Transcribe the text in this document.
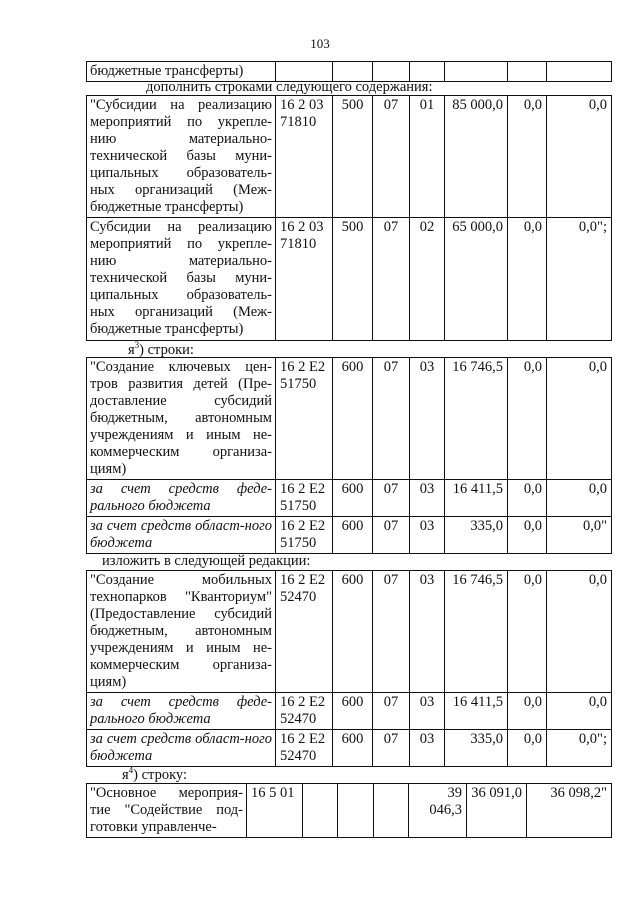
103
бюджетные трансферты)							
дополнить строками следующего содержания:
"Субсидии на реализацию мероприятий по укрепле-нию материально-технической базы муни-ципальных образователь-ных организаций (Меж-бюджетные трансферты)	16 2 03 71810	500	07	01	85 000,0	0,0	0,0
Субсидии на реализацию мероприятий по укрепле-нию материально-технической базы муни-ципальных образователь-ных организаций (Меж-бюджетные трансферты)	16 2 03 71810	500	07	02	65 000,0	0,0	0,0";
$я^3$) строки:
"Создание ключевых цен-тров развития детей (Пре-доставление субсидий бюджетным, автономным учреждениям и иным не-коммерческим организа-циям)	16 2 E2 51750	600	07	03	16 746,5	0,0	0,0
за счет средств феде-рального бюджета	16 2 E2 51750	600	07	03	16 411,5	0,0	0,0
за счет средств област-ного бюджета	16 2 E2 51750	600	07	03	335,0	0,0	0,0"
изложить в следующей редакции:
"Создание мобильных технопарков "Кванториум" (Предоставление субсидий бюджетным, автономным учреждениям и иным не-коммерческим организа-циям)	16 2 E2 52470	600	07	03	16 746,5	0,0	0,0
за счет средств феде-рального бюджета	16 2 E2 52470	600	07	03	16 411,5	0,0	0,0
за счет средств област-ного бюджета	16 2 E2 52470	600	07	03	335,0	0,0	0,0";
$я^4$) строку:
"Основное мероприя-тие "Содействие под-готовки управленче-	16 5 01				39 046,3	36 091,0	36 098,2"
